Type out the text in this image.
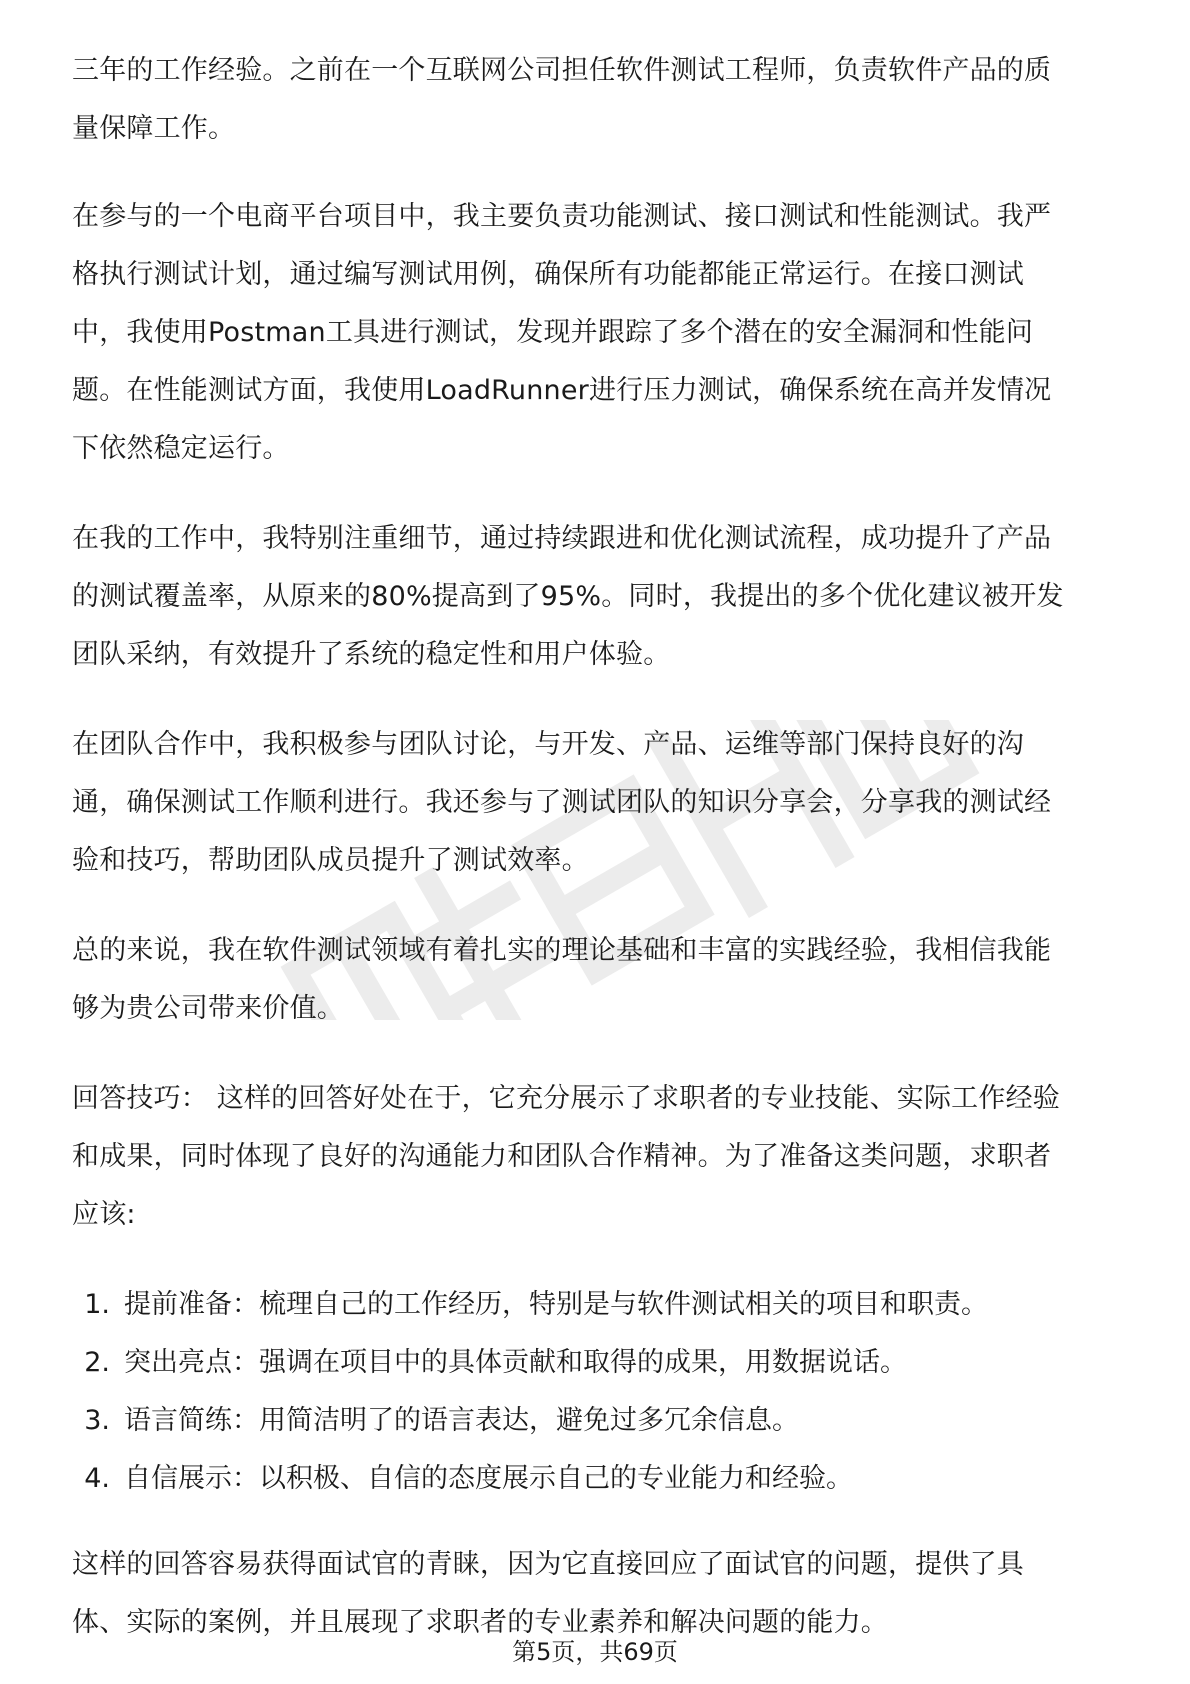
三年的工作经验。之前在一个互联网公司担任软件测试工程师，负责软件产品的质
量保障工作。

在参与的一个电商平台项目中，我主要负责功能测试、接口测试和性能测试。我严
格执行测试计划，通过编写测试用例，确保所有功能都能正常运行。在接口测试
中，我使用Postman工具进行测试，发现并跟踪了多个潜在的安全漏洞和性能问
题。在性能测试方面，我使用LoadRunner进行压力测试，确保系统在高并发情况
下依然稳定运行。

在我的工作中，我特别注重细节，通过持续跟进和优化测试流程，成功提升了产品
的测试覆盖率，从原来的80%提高到了95%。同时，我提出的多个优化建议被开发
团队采纳，有效提升了系统的稳定性和用户体验。

在团队合作中，我积极参与团队讨论，与开发、产品、运维等部门保持良好的沟
通，确保测试工作顺利进行。我还参与了测试团队的知识分享会，分享我的测试经
验和技巧，帮助团队成员提升了测试效率。

总的来说，我在软件测试领域有着扎实的理论基础和丰富的实践经验，我相信我能
够为贵公司带来价值。

回答技巧： 这样的回答好处在于，它充分展示了求职者的专业技能、实际工作经验
和成果，同时体现了良好的沟通能力和团队合作精神。为了准备这类问题，求职者
应该:

1. 提前准备：梳理自己的工作经历，特别是与软件测试相关的项目和职责。
2. 突出亮点：强调在项目中的具体贡献和取得的成果，用数据说话。
3. 语言简练：用简洁明了的语言表达，避免过多冗余信息。
4. 自信展示：以积极、自信的态度展示自己的专业能力和经验。

这样的回答容易获得面试官的青睐，因为它直接回应了面试官的问题，提供了具
体、实际的案例，并且展现了求职者的专业素养和解决问题的能力。

第5页，共69页
